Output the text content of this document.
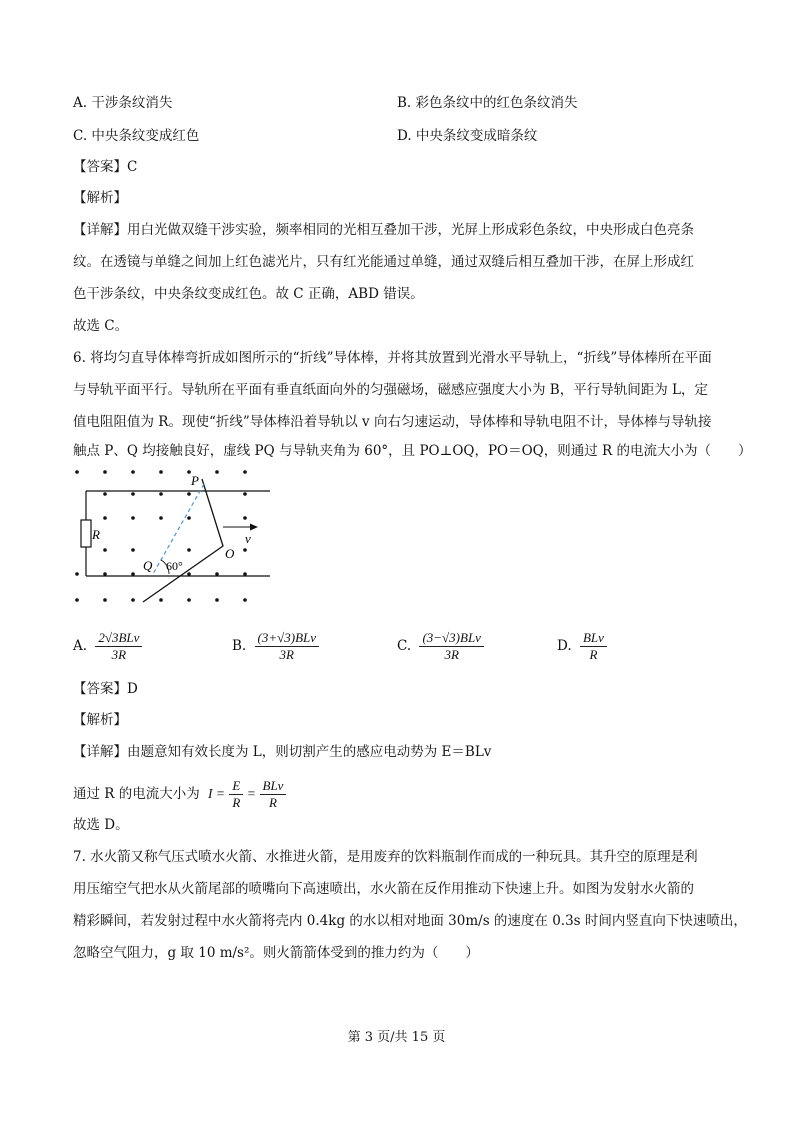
A. 干涉条纹消失	B. 彩色条纹中的红色条纹消失
C. 中央条纹变成红色	D. 中央条纹变成暗条纹
【答案】C
【解析】
【详解】用白光做双缝干涉实验，频率相同的光相互叠加干涉，光屏上形成彩色条纹，中央形成白色亮条
纹。在透镜与单缝之间加上红色滤光片，只有红光能通过单缝，通过双缝后相互叠加干涉，在屏上形成红
色干涉条纹，中央条纹变成红色。故 C 正确，ABD 错误。
故选 C。
6. 将均匀直导体棒弯折成如图所示的“折线”导体棒，并将其放置到光滑水平导轨上，“折线”导体棒所在平面
与导轨平面平行。导轨所在平面有垂直纸面向外的匀强磁场，磁感应强度大小为 B，平行导轨间距为 L，定
值电阻阻值为 R。现使“折线”导体棒沿着导轨以 v 向右匀速运动，导体棒和导轨电阻不计，导体棒与导轨接
触点 P、Q 均接触良好，虚线 PQ 与导轨夹角为 60°，且 PO⊥OQ，PO＝OQ，则通过 R 的电流大小为（　　）
R
60°
P
Q
O
v
A. $\frac{\text{2√3BLv}}{3R}$	B. $\frac{\text{(3+√3)BLv}}{3R}$	C. $\frac{\text{(3−√3)BLv}}{3R}$	D. $\frac{\text{BLv}}{R}$
【答案】D
【解析】
【详解】由题意知有效长度为 L，则切割产生的感应电动势为 E＝BLv
通过 R 的电流大小为 $I = \frac{E}{R} = \frac{\text{BLv}}{R}$
故选 D。
7. 水火箭又称气压式喷水火箭、水推进火箭，是用废弃的饮料瓶制作而成的一种玩具。其升空的原理是利
用压缩空气把水从火箭尾部的喷嘴向下高速喷出，水火箭在反作用推动下快速上升。如图为发射水火箭的
精彩瞬间，若发射过程中水火箭将壳内 0.4kg 的水以相对地面 30m/s 的速度在 0.3s 时间内竖直向下快速喷出，
忽略空气阻力，g 取 10 m/s²。则火箭箭体受到的推力约为（　　）
第 3 页/共 15 页
